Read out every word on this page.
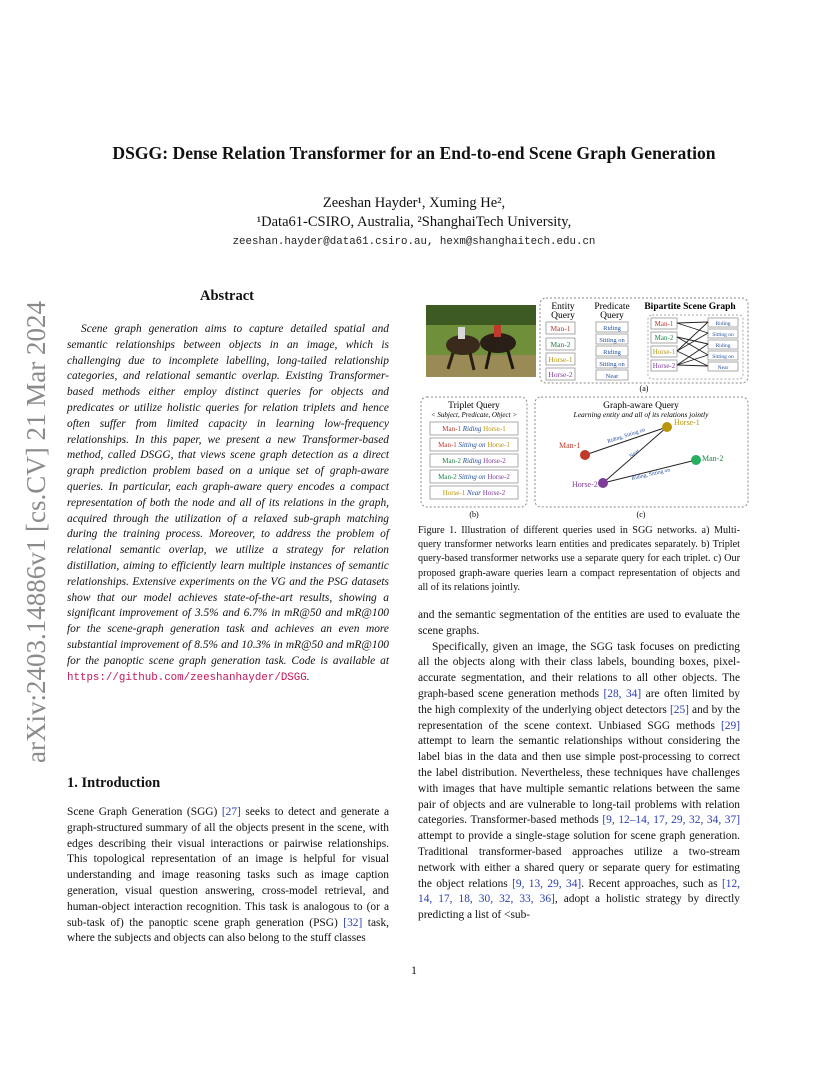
arXiv:2403.14886v1 [cs.CV] 21 Mar 2024
DSGG: Dense Relation Transformer for an End-to-end Scene Graph Generation
Zeeshan Hayder¹, Xuming He²,
¹Data61-CSIRO, Australia, ²ShanghaiTech University,
zeeshan.hayder@data61.csiro.au, hexm@shanghaitech.edu.cn
Abstract
Scene graph generation aims to capture detailed spatial and semantic relationships between objects in an image, which is challenging due to incomplete labelling, long-tailed relationship categories, and relational semantic overlap. Existing Transformer-based methods either employ distinct queries for objects and predicates or utilize holistic queries for relation triplets and hence often suffer from limited capacity in learning low-frequency relationships. In this paper, we present a new Transformer-based method, called DSGG, that views scene graph detection as a direct graph prediction problem based on a unique set of graph-aware queries. In particular, each graph-aware query encodes a compact representation of both the node and all of its relations in the graph, acquired through the utilization of a relaxed sub-graph matching during the training process. Moreover, to address the problem of relational semantic overlap, we utilize a strategy for relation distillation, aiming to efficiently learn multiple instances of semantic relationships. Extensive experiments on the VG and the PSG datasets show that our model achieves state-of-the-art results, showing a significant improvement of 3.5% and 6.7% in mR@50 and mR@100 for the scene-graph generation task and achieves an even more substantial improvement of 8.5% and 10.3% in mR@50 and mR@100 for the panoptic scene graph generation task. Code is available at https://github.com/zeeshanhayder/DSGG.
1. Introduction
Scene Graph Generation (SGG) [27] seeks to detect and generate a graph-structured summary of all the objects present in the scene, with edges describing their visual interactions or pairwise relationships. This topological representation of an image is helpful for visual understanding and image reasoning tasks such as image caption generation, visual question answering, cross-model retrieval, and human-object interaction recognition. This task is analogous to (or a sub-task of) the panoptic scene graph generation (PSG) [32] task, where the subjects and objects can also belong to the stuff classes
Entity
Query
Predicate
Query
Bipartite Scene Graph
Man-1
Man-2
Horse-1
Horse-2
Riding
Sitting on
Riding
Sitting on
Near
Man-1
Man-2
Horse-1
Horse-2
Riding
Sitting on
Riding
Sitting on
Near
(a)
Triplet Query
< Subject, Predicate, Object >
Man-1 Riding Horse-1
Man-1 Sitting on Horse-1
Man-2 Riding Horse-2
Man-2 Sitting on Horse-2
Horse-1 Near Horse-2
(b)
Graph-aware Query
Learning entity and all of its relations jointly
Horse-1
Man-1
Man-2
Horse-2
Riding, Sitting on
Near
Riding, Sitting on
(c)
Figure 1. Illustration of different queries used in SGG networks. a) Multi-query transformer networks learn entities and predicates separately. b) Triplet query-based transformer networks use a separate query for each triplet. c) Our proposed graph-aware queries learn a compact representation of objects and all of its relations jointly.

and the semantic segmentation of the entities are used to evaluate the scene graphs.

Specifically, given an image, the SGG task focuses on predicting all the objects along with their class labels, bounding boxes, pixel-accurate segmentation, and their relations to all other objects. The graph-based scene generation methods [28, 34] are often limited by the high complexity of the underlying object detectors [25] and by the representation of the scene context. Unbiased SGG methods [29] attempt to learn the semantic relationships without considering the label bias in the data and then use simple post-processing to correct the label distribution. Nevertheless, these techniques have challenges with images that have multiple semantic relations between the same pair of objects and are vulnerable to long-tail problems with relation categories. Transformer-based methods [9, 12–14, 17, 29, 32, 34, 37] attempt to provide a single-stage solution for scene graph generation. Traditional transformer-based approaches utilize a two-stream network with either a shared query or separate query for estimating the object relations [9, 13, 29, 34]. Recent approaches, such as [12, 14, 17, 18, 30, 32, 33, 36], adopt a holistic strategy by directly predicting a list of <sub-

1
